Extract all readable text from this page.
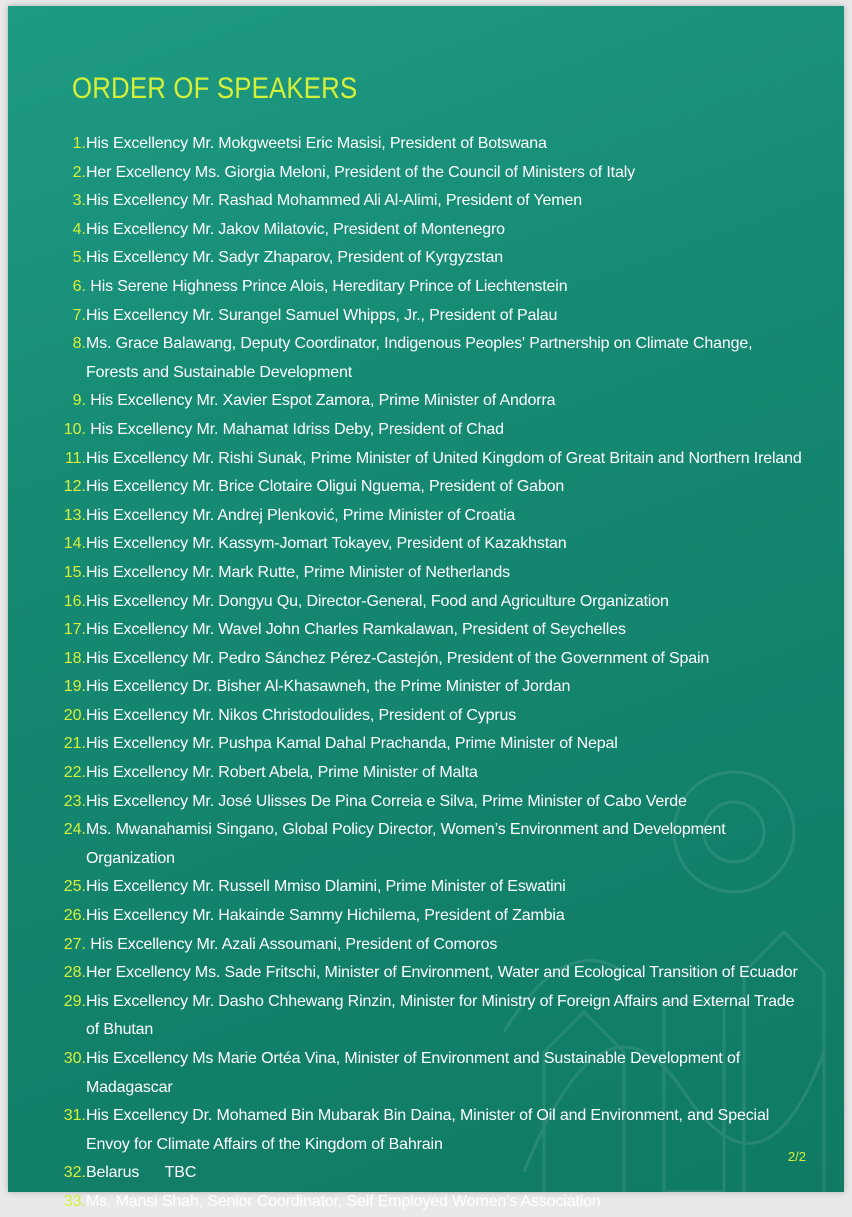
ORDER OF SPEAKERS
1. His Excellency Mr. Mokgweetsi Eric Masisi, President of Botswana
2. Her Excellency Ms. Giorgia Meloni, President of the Council of Ministers of Italy
3. His Excellency Mr. Rashad Mohammed Ali Al-Alimi, President of Yemen
4. His Excellency Mr. Jakov Milatovic, President of Montenegro
5. His Excellency Mr. Sadyr Zhaparov, President of Kyrgyzstan
6. His Serene Highness Prince Alois, Hereditary Prince of Liechtenstein
7. His Excellency Mr. Surangel Samuel Whipps, Jr., President of Palau
8. Ms. Grace Balawang, Deputy Coordinator, Indigenous Peoples' Partnership on Climate Change, Forests and Sustainable Development
9. His Excellency Mr. Xavier Espot Zamora, Prime Minister of Andorra
10. His Excellency Mr. Mahamat Idriss Deby, President of Chad
11. His Excellency Mr. Rishi Sunak, Prime Minister of United Kingdom of Great Britain and Northern Ireland
12. His Excellency Mr. Brice Clotaire Oligui Nguema, President of Gabon
13. His Excellency Mr. Andrej Plenković, Prime Minister of Croatia
14. His Excellency Mr. Kassym-Jomart Tokayev, President of Kazakhstan
15. His Excellency Mr. Mark Rutte, Prime Minister of Netherlands
16. His Excellency Mr. Dongyu Qu, Director-General, Food and Agriculture Organization
17. His Excellency Mr. Wavel John Charles Ramkalawan, President of Seychelles
18. His Excellency Mr. Pedro Sánchez Pérez-Castejón, President of the Government of Spain
19. His Excellency Dr. Bisher Al-Khasawneh, the Prime Minister of Jordan
20. His Excellency Mr. Nikos Christodoulides, President of Cyprus
21. His Excellency Mr. Pushpa Kamal Dahal Prachanda, Prime Minister of Nepal
22. His Excellency Mr. Robert Abela, Prime Minister of Malta
23. His Excellency Mr. José Ulisses De Pina Correia e Silva, Prime Minister of Cabo Verde
24. Ms. Mwanahamisi Singano, Global Policy Director, Women’s Environment and Development Organization
25. His Excellency Mr. Russell Mmiso Dlamini, Prime Minister of Eswatini
26. His Excellency Mr. Hakainde Sammy Hichilema, President of Zambia
27. His Excellency Mr. Azali Assoumani, President of Comoros
28. Her Excellency Ms. Sade Fritschi, Minister of Environment, Water and Ecological Transition of Ecuador
29. His Excellency Mr. Dasho Chhewang Rinzin, Minister for Ministry of Foreign Affairs and External Trade of Bhutan
30. His Excellency Ms Marie Ortéa Vina, Minister of Environment and Sustainable Development of Madagascar
31. His Excellency Dr. Mohamed Bin Mubarak Bin Daina, Minister of Oil and Environment, and Special Envoy for Climate Affairs of the Kingdom of Bahrain
32. Belarus      TBC
33. Ms. Mansi Shah, Senior Coordinator, Self Employed Women’s Association
2/2
